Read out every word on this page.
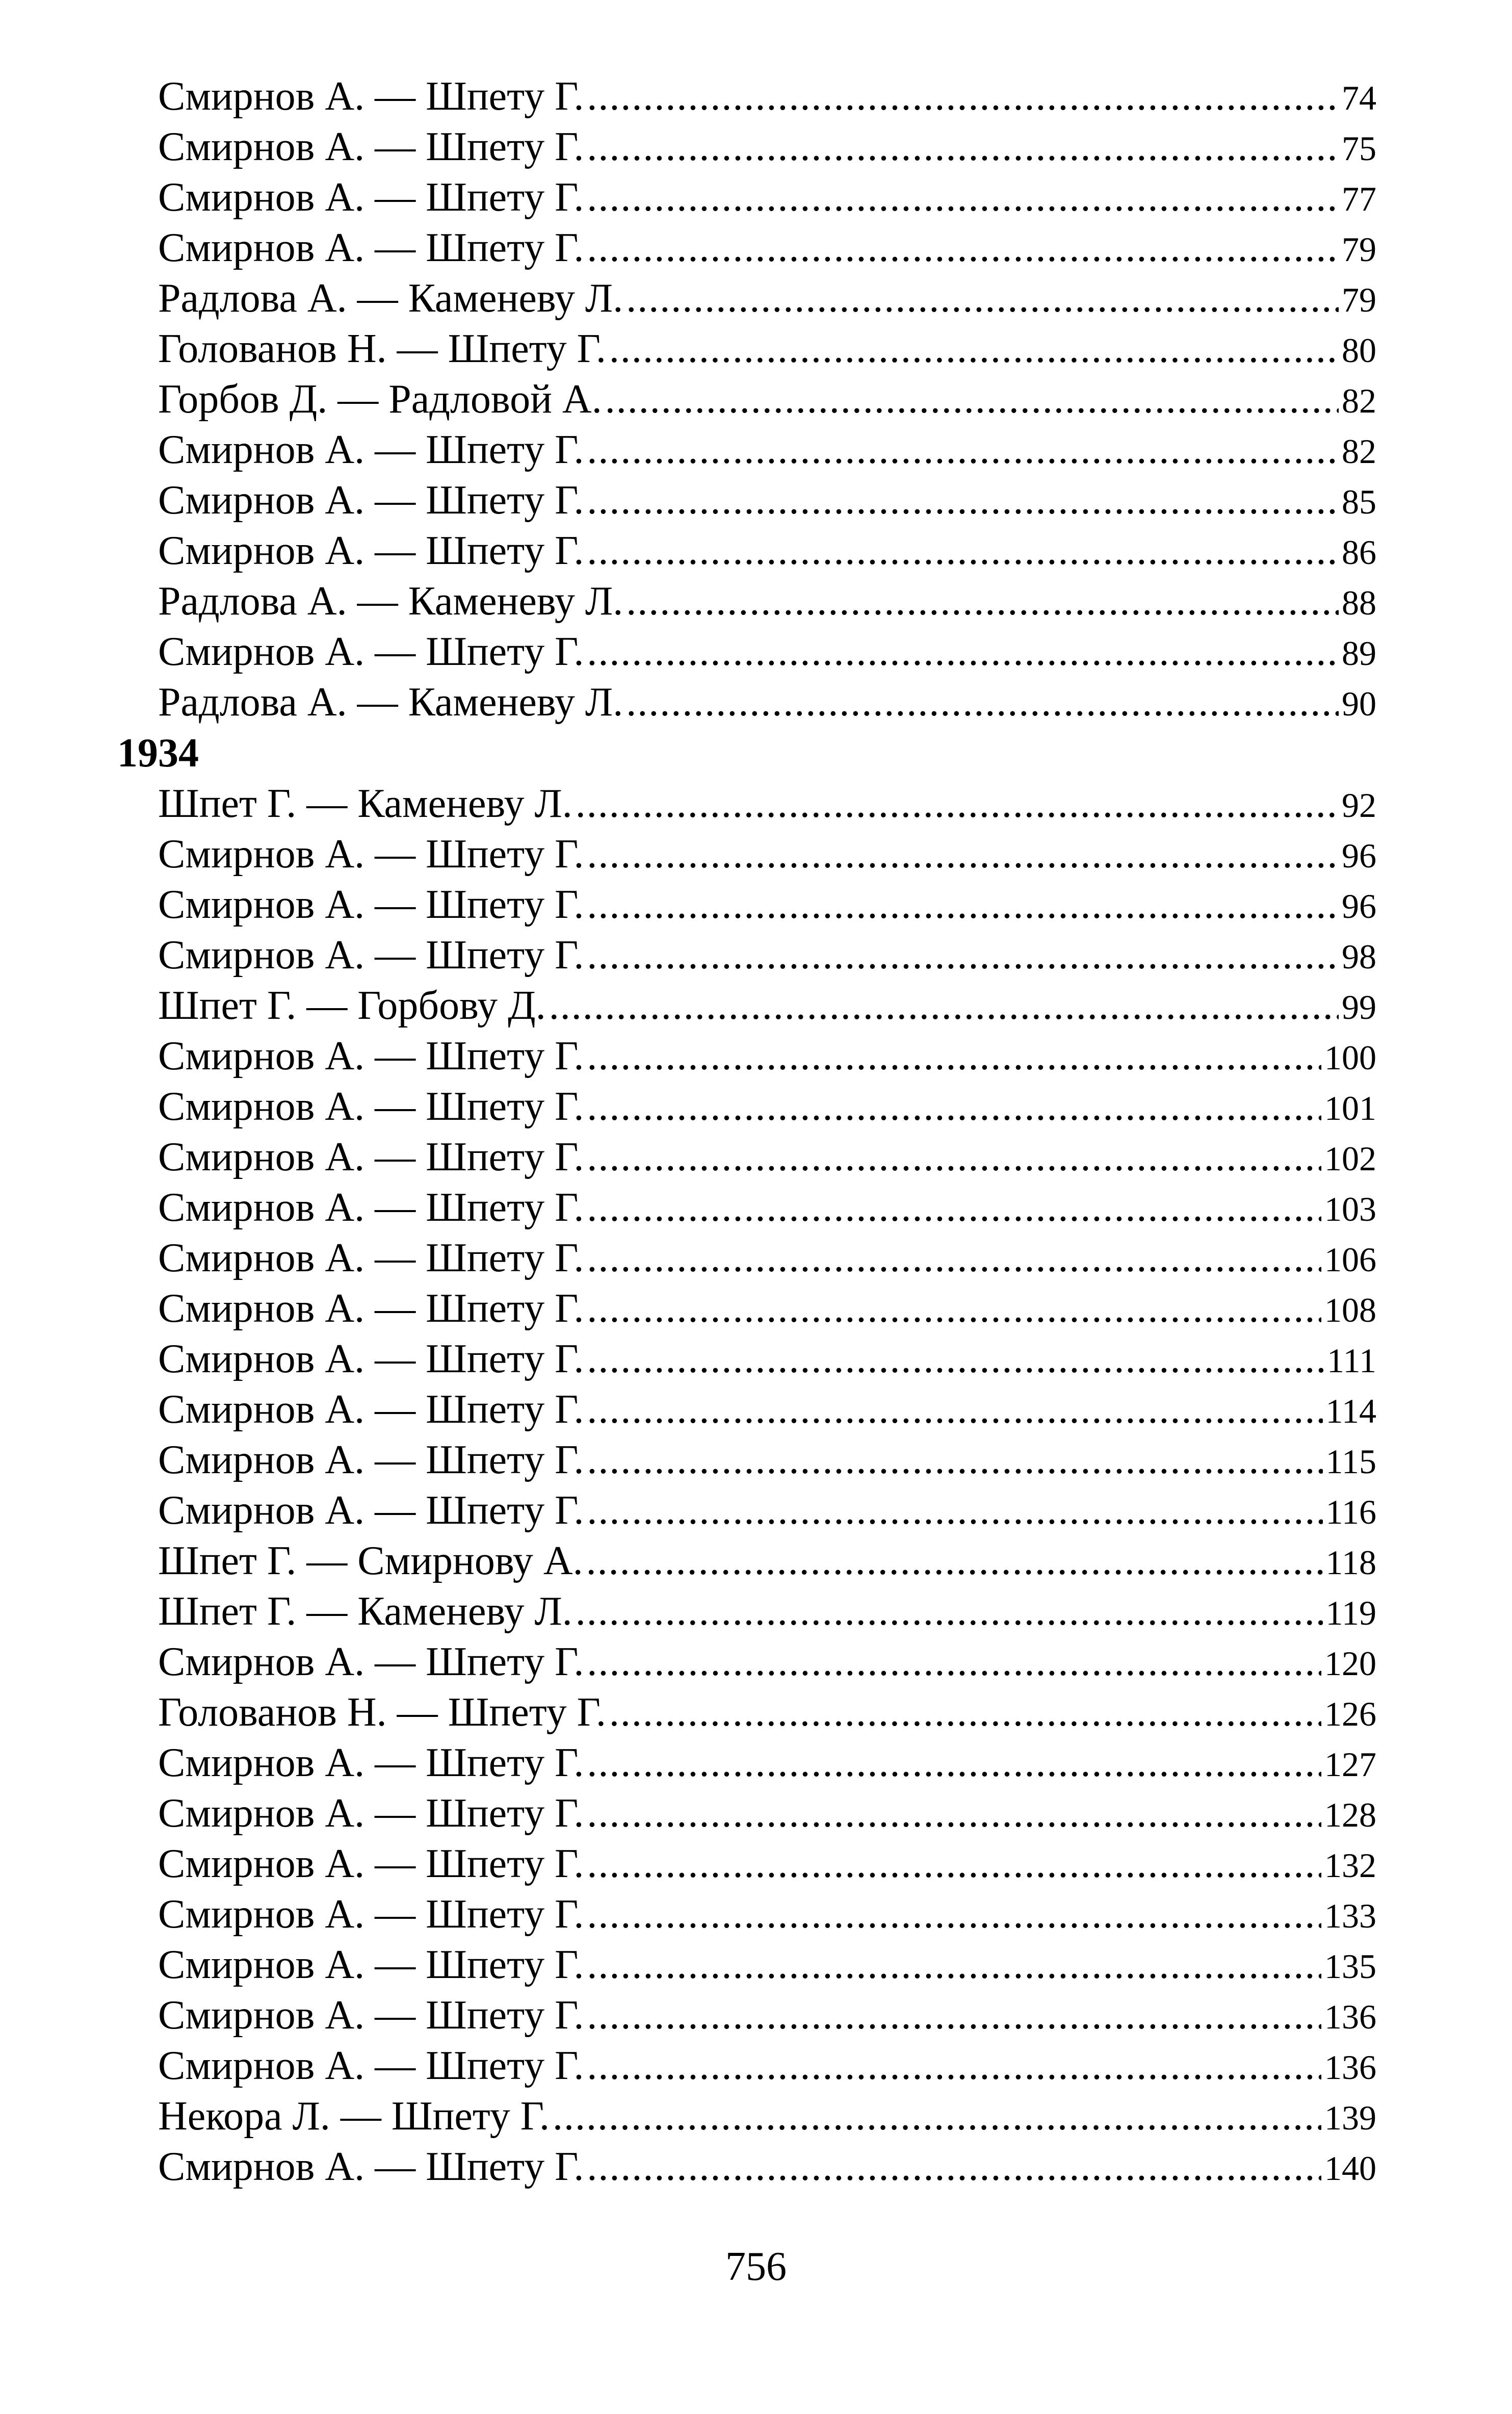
Смирнов А. — Шпету Г. .....	74
Смирнов А. — Шпету Г. .....	75
Смирнов А. — Шпету Г. .....	77
Смирнов А. — Шпету Г. .....	79
Радлова А. — Каменеву Л. .....	79
Голованов Н. — Шпету Г. .....	80
Горбов Д. — Радловой А. .....	82
Смирнов А. — Шпету Г. .....	82
Смирнов А. — Шпету Г. .....	85
Смирнов А. — Шпету Г. .....	86
Радлова А. — Каменеву Л. .....	88
Смирнов А. — Шпету Г. .....	89
Радлова А. — Каменеву Л. .....	90
1934
Шпет Г. — Каменеву Л. .....	92
Смирнов А. — Шпету Г. .....	96
Смирнов А. — Шпету Г. .....	96
Смирнов А. — Шпету Г. .....	98
Шпет Г. — Горбову Д. .....	99
Смирнов А. — Шпету Г. .....	100
Смирнов А. — Шпету Г. .....	101
Смирнов А. — Шпету Г. .....	102
Смирнов А. — Шпету Г. .....	103
Смирнов А. — Шпету Г. .....	106
Смирнов А. — Шпету Г. .....	108
Смирнов А. — Шпету Г. .....	111
Смирнов А. — Шпету Г. .....	114
Смирнов А. — Шпету Г. .....	115
Смирнов А. — Шпету Г. .....	116
Шпет Г. — Смирнову А. .....	118
Шпет Г. — Каменеву Л. .....	119
Смирнов А. — Шпету Г. .....	120
Голованов Н. — Шпету Г. .....	126
Смирнов А. — Шпету Г. .....	127
Смирнов А. — Шпету Г. .....	128
Смирнов А. — Шпету Г. .....	132
Смирнов А. — Шпету Г. .....	133
Смирнов А. — Шпету Г. .....	135
Смирнов А. — Шпету Г. .....	136
Смирнов А. — Шпету Г. .....	136
Некора Л. — Шпету Г. .....	139
Смирнов А. — Шпету Г. .....	140
756
